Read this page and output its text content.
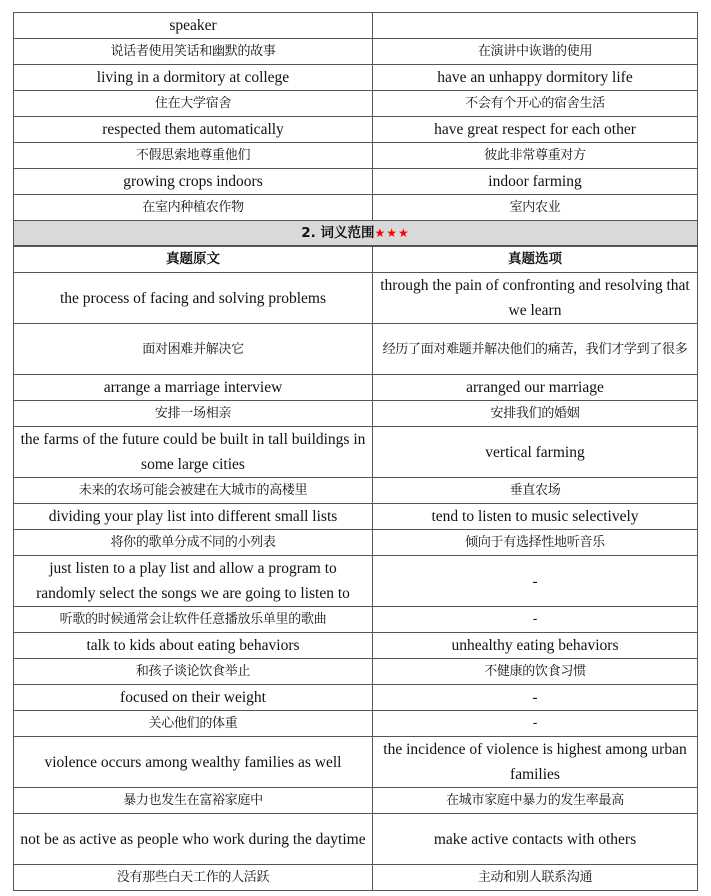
speaker	
说话者使用笑话和幽默的故事	在演讲中诙谐的使用
living in a dormitory at college	have an unhappy dormitory life
住在大学宿舍	不会有个开心的宿舍生活
respected them automatically	have great respect for each other
不假思索地尊重他们	彼此非常尊重对方
growing crops indoors	indoor farming
在室内种植农作物	室内农业
2. 词义范围★★★	
真题原文	真题选项
the process of facing and solving problems	through the pain of confronting and resolving that we learn
面对困难并解决它	经历了面对难题并解决他们的痛苦，我们才学到了很多
arrange a marriage interview	arranged our marriage
安排一场相亲	安排我们的婚姻
the farms of the future could be built in tall buildings in some large cities	vertical farming
未来的农场可能会被建在大城市的高楼里	垂直农场
dividing your play list into different small lists	tend to listen to music selectively
将你的歌单分成不同的小列表	倾向于有选择性地听音乐
just listen to a play list and allow a program to randomly select the songs we are going to listen to	-
听歌的时候通常会让软件任意播放乐单里的歌曲	-
talk to kids about eating behaviors	unhealthy eating behaviors
和孩子谈论饮食举止	不健康的饮食习惯
focused on their weight	-
关心他们的体重	-
violence occurs among wealthy families as well	the incidence of violence is highest among urban families
暴力也发生在富裕家庭中	在城市家庭中暴力的发生率最高
not be as active as people who work during the daytime	make active contacts with others
没有那些白天工作的人活跃	主动和别人联系沟通
